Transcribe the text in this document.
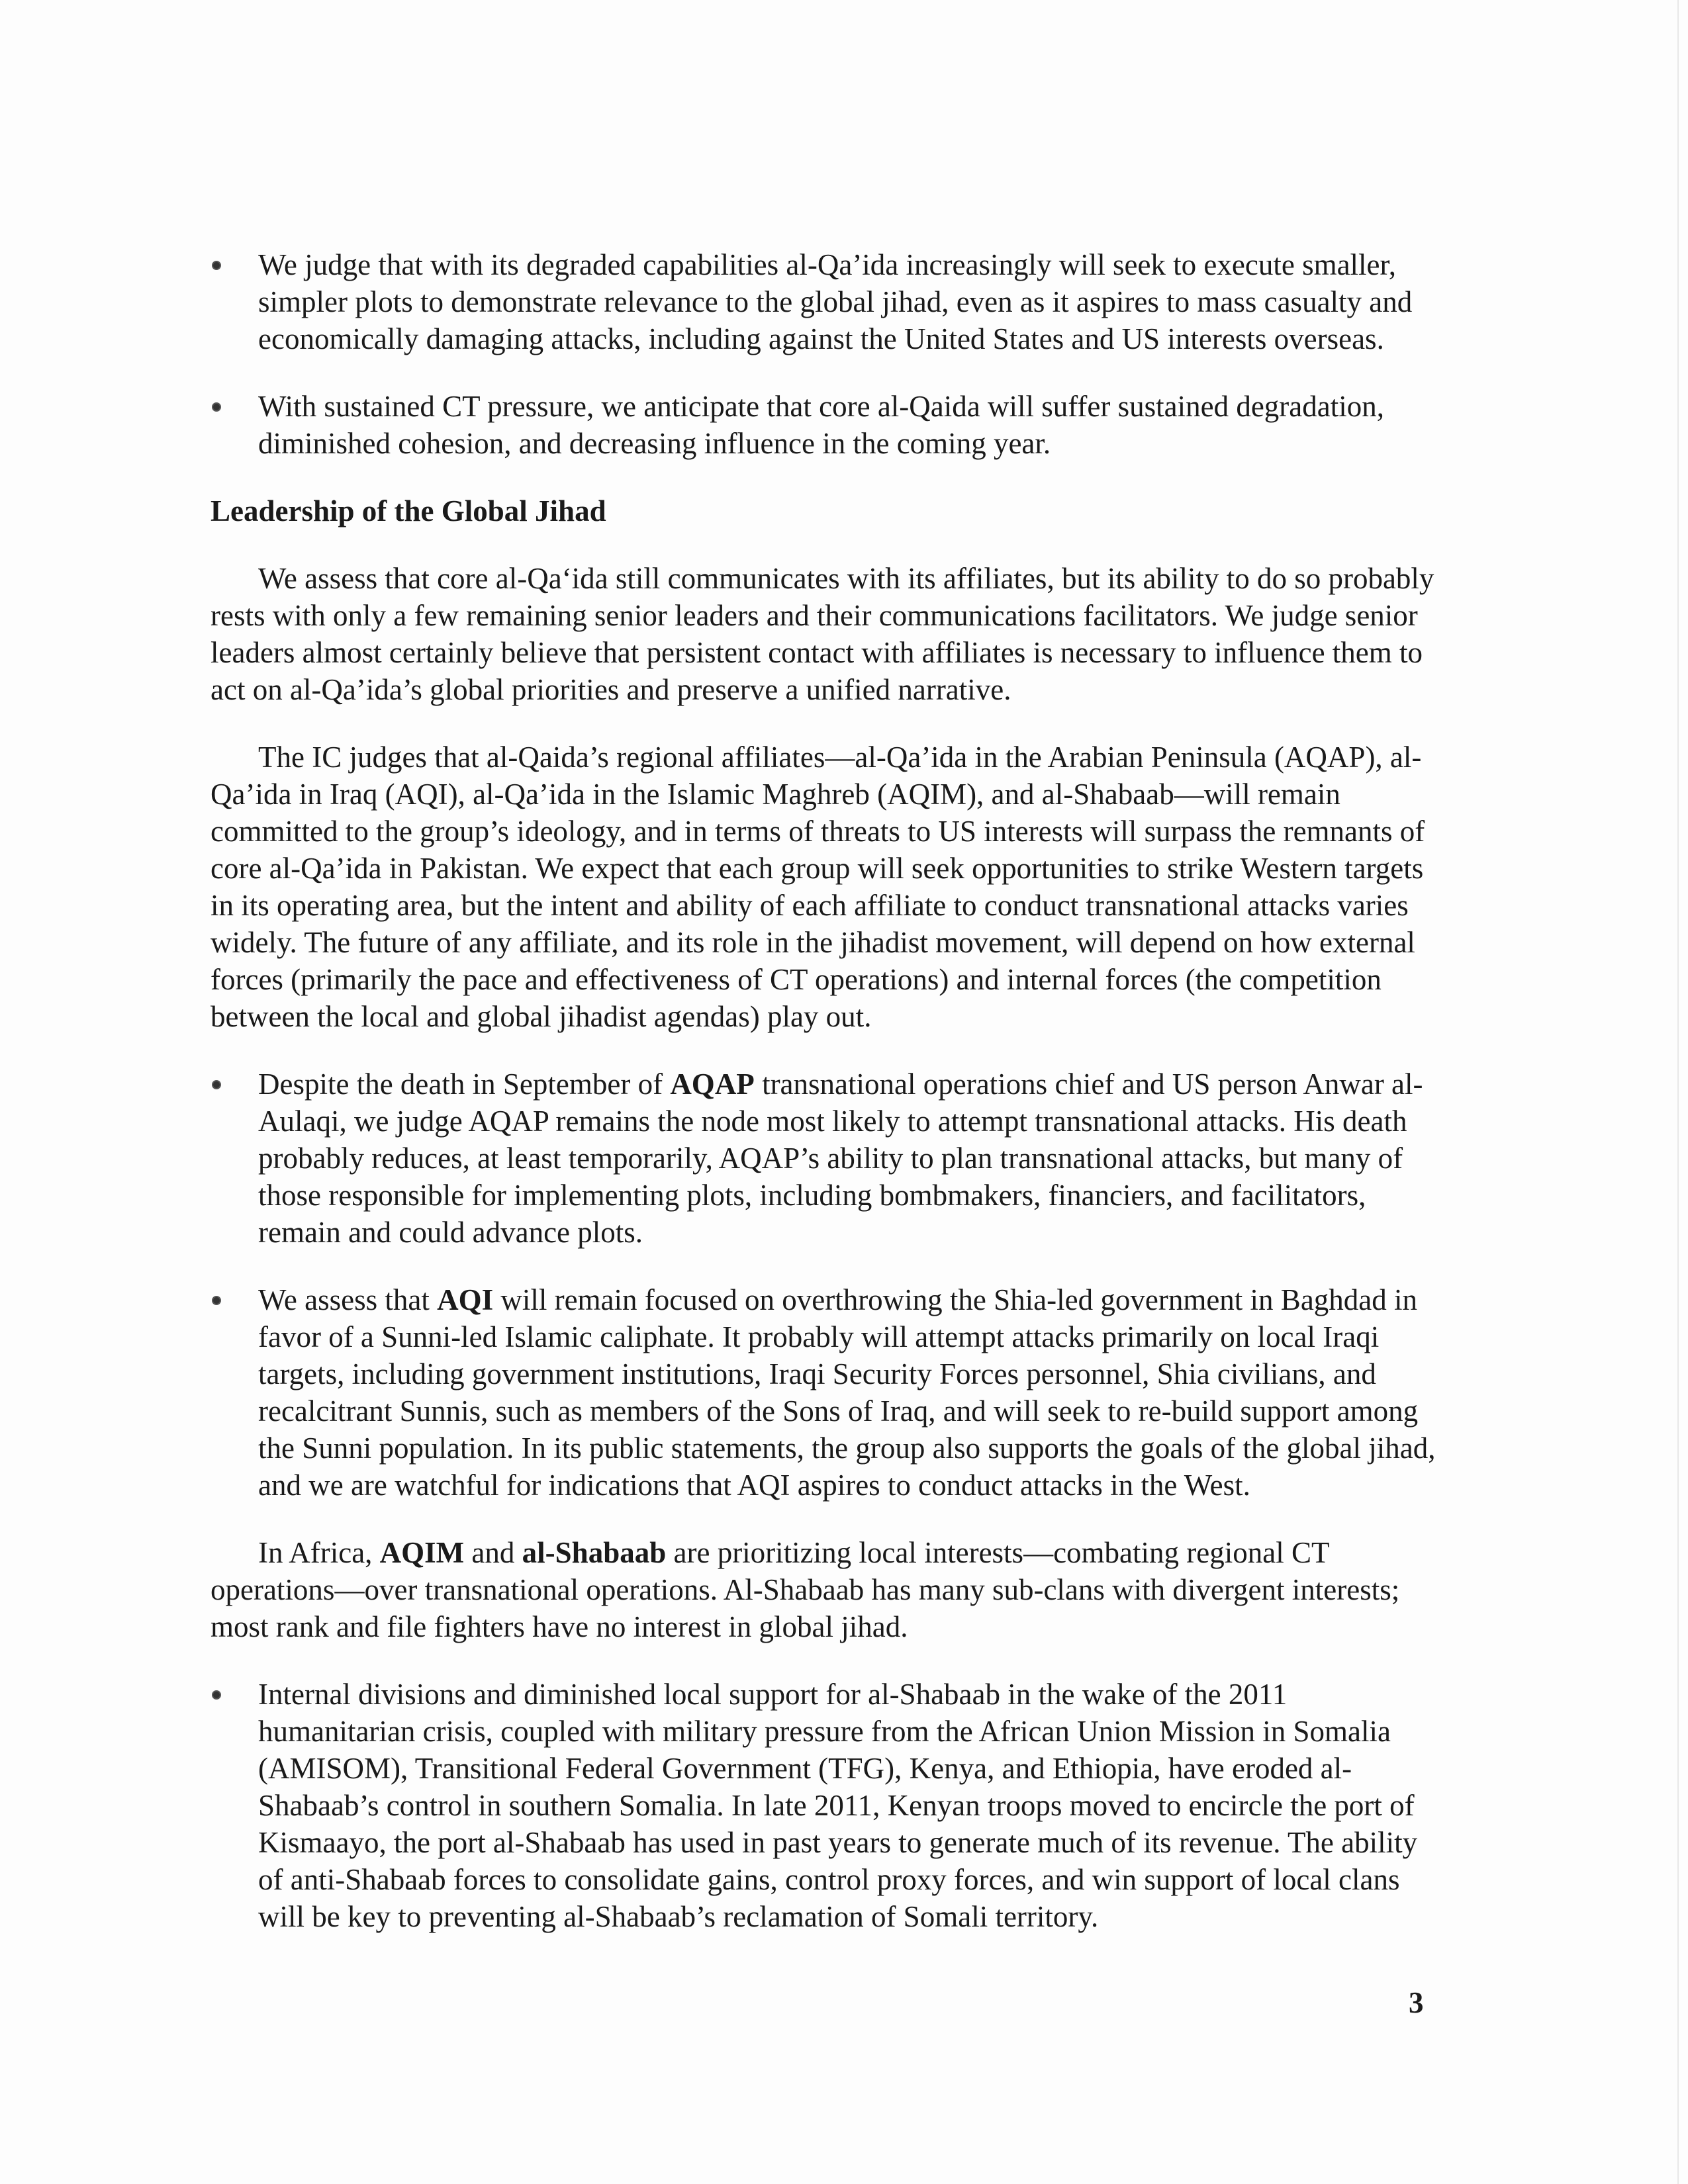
We judge that with its degraded capabilities al-Qa’ida increasingly will seek to execute smaller, simpler plots to demonstrate relevance to the global jihad, even as it aspires to mass casualty and economically damaging attacks, including against the United States and US interests overseas.

With sustained CT pressure, we anticipate that core al-Qaida will suffer sustained degradation, diminished cohesion, and decreasing influence in the coming year.

Leadership of the Global Jihad

We assess that core al-Qa‘ida still communicates with its affiliates, but its ability to do so probably rests with only a few remaining senior leaders and their communications facilitators. We judge senior leaders almost certainly believe that persistent contact with affiliates is necessary to influence them to act on al-Qa’ida’s global priorities and preserve a unified narrative.

The IC judges that al-Qaida’s regional affiliates—al-Qa’ida in the Arabian Peninsula (AQAP), al-Qa’ida in Iraq (AQI), al-Qa’ida in the Islamic Maghreb (AQIM), and al-Shabaab—will remain committed to the group’s ideology, and in terms of threats to US interests will surpass the remnants of core al-Qa’ida in Pakistan. We expect that each group will seek opportunities to strike Western targets in its operating area, but the intent and ability of each affiliate to conduct transnational attacks varies widely. The future of any affiliate, and its role in the jihadist movement, will depend on how external forces (primarily the pace and effectiveness of CT operations) and internal forces (the competition between the local and global jihadist agendas) play out.

Despite the death in September of AQAP transnational operations chief and US person Anwar al-Aulaqi, we judge AQAP remains the node most likely to attempt transnational attacks. His death probably reduces, at least temporarily, AQAP’s ability to plan transnational attacks, but many of those responsible for implementing plots, including bombmakers, financiers, and facilitators, remain and could advance plots.

We assess that AQI will remain focused on overthrowing the Shia-led government in Baghdad in favor of a Sunni-led Islamic caliphate. It probably will attempt attacks primarily on local Iraqi targets, including government institutions, Iraqi Security Forces personnel, Shia civilians, and recalcitrant Sunnis, such as members of the Sons of Iraq, and will seek to re-build support among the Sunni population. In its public statements, the group also supports the goals of the global jihad, and we are watchful for indications that AQI aspires to conduct attacks in the West.

In Africa, AQIM and al-Shabaab are prioritizing local interests—combating regional CT operations—over transnational operations. Al-Shabaab has many sub-clans with divergent interests; most rank and file fighters have no interest in global jihad.

Internal divisions and diminished local support for al-Shabaab in the wake of the 2011 humanitarian crisis, coupled with military pressure from the African Union Mission in Somalia (AMISOM), Transitional Federal Government (TFG), Kenya, and Ethiopia, have eroded al-Shabaab’s control in southern Somalia. In late 2011, Kenyan troops moved to encircle the port of Kismaayo, the port al-Shabaab has used in past years to generate much of its revenue. The ability of anti-Shabaab forces to consolidate gains, control proxy forces, and win support of local clans will be key to preventing al-Shabaab’s reclamation of Somali territory.

3
